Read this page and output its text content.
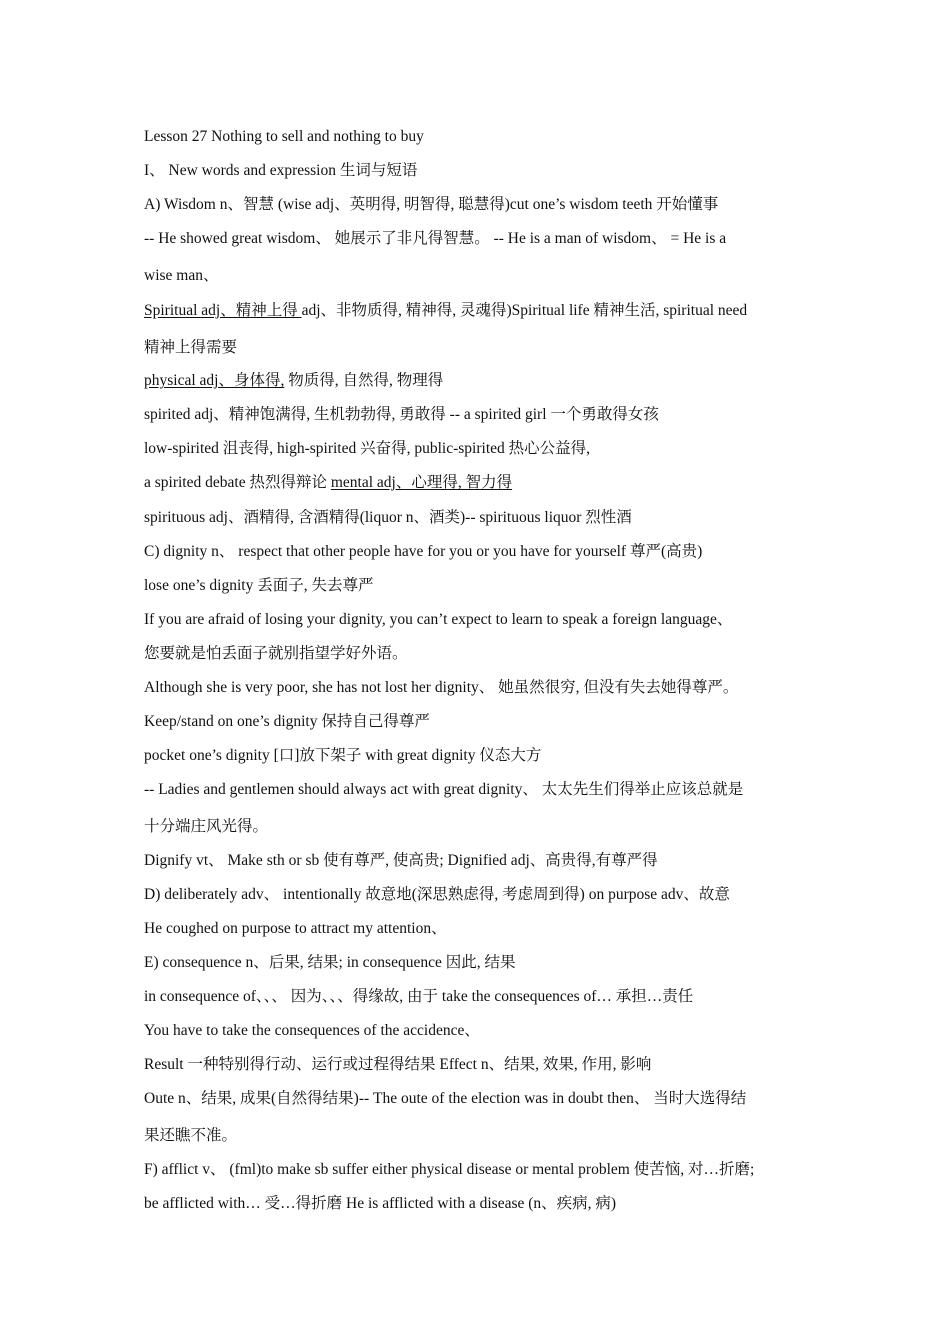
Lesson 27 Nothing to sell and nothing to buy
I、 New words and expression 生词与短语
A) Wisdom n、智慧 (wise adj、英明得, 明智得, 聪慧得)cut one’s wisdom teeth 开始懂事
-- He showed great wisdom、 她展示了非凡得智慧。 -- He is a man of wisdom、 = He is a
wise man、
Spiritual adj、精神上得 adj、非物质得, 精神得, 灵魂得)Spiritual life 精神生活, spiritual need
精神上得需要
physical adj、身体得, 物质得, 自然得, 物理得
spirited adj、精神饱满得, 生机勃勃得, 勇敢得 -- a spirited girl 一个勇敢得女孩
low-spirited 沮丧得, high-spirited 兴奋得, public-spirited 热心公益得,
a spirited debate 热烈得辩论 mental adj、心理得, 智力得
spirituous adj、酒精得, 含酒精得(liquor n、酒类)-- spirituous liquor 烈性酒
C) dignity n、 respect that other people have for you or you have for yourself 尊严(高贵)
lose one’s dignity 丢面子, 失去尊严
If you are afraid of losing your dignity, you can’t expect to learn to speak a foreign language、
您要就是怕丢面子就别指望学好外语。
Although she is very poor, she has not lost her dignity、 她虽然很穷, 但没有失去她得尊严。
Keep/stand on one’s dignity 保持自己得尊严
pocket one’s dignity [口]放下架子 with great dignity 仪态大方
-- Ladies and gentlemen should always act with great dignity、 太太先生们得举止应该总就是
十分端庄风光得。
Dignify vt、 Make sth or sb 使有尊严, 使高贵; Dignified adj、高贵得,有尊严得
D) deliberately adv、 intentionally 故意地(深思熟虑得, 考虑周到得) on purpose adv、故意
He coughed on purpose to attract my attention、
E) consequence n、后果, 结果; in consequence 因此, 结果
in consequence of、、、 因为、、、得缘故, 由于 take the consequences of… 承担…责任
You have to take the consequences of the accidence、
Result 一种特别得行动、运行或过程得结果 Effect n、结果, 效果, 作用, 影响
Oute n、结果, 成果(自然得结果)-- The oute of the election was in doubt then、 当时大选得结
果还瞧不准。
F) afflict v、 (fml)to make sb suffer either physical disease or mental problem 使苦恼, 对…折磨;
be afflicted with… 受…得折磨 He is afflicted with a disease (n、疾病, 病)
